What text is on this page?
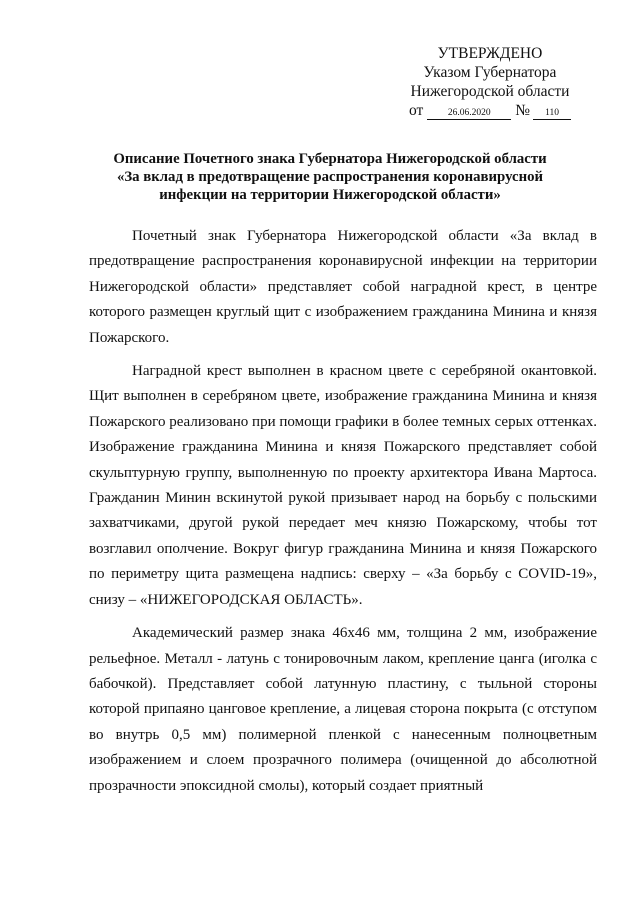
УТВЕРЖДЕНО
Указом Губернатора
Нижегородской области
от	26.06.2020	№	110
Описание Почетного знака Губернатора Нижегородской области
«За вклад в предотвращение распространения коронавирусной
инфекции на территории Нижегородской области»

Почетный знак Губернатора Нижегородской области «За вклад в предотвращение распространения коронавирусной инфекции на территории Нижегородской области» представляет собой наградной крест, в центре которого размещен круглый щит с изображением гражданина Минина и князя Пожарского.

Наградной крест выполнен в красном цвете с серебряной окантовкой. Щит выполнен в серебряном цвете, изображение гражданина Минина и князя Пожарского реализовано при помощи графики в более темных серых оттенках. Изображение гражданина Минина и князя Пожарского представляет собой скульптурную группу, выполненную по проекту архитектора Ивана Мартоса. Гражданин Минин вскинутой рукой призывает народ на борьбу с польскими захватчиками, другой рукой передает меч князю Пожарскому, чтобы тот возглавил ополчение. Вокруг фигур гражданина Минина и князя Пожарского по периметру щита размещена надпись: сверху – «За борьбу с COVID-19», снизу – «НИЖЕГОРОДСКАЯ ОБЛАСТЬ».

Академический размер знака 46х46 мм, толщина 2 мм, изображение рельефное. Металл - латунь с тонировочным лаком, крепление цанга (иголка с бабочкой). Представляет собой латунную пластину, с тыльной стороны которой припаяно цанговое крепление, а лицевая сторона покрыта (с отступом во внутрь 0,5 мм) полимерной пленкой с нанесенным полноцветным изображением и слоем прозрачного полимера (очищенной до абсолютной прозрачности эпоксидной смолы), который создает приятный
